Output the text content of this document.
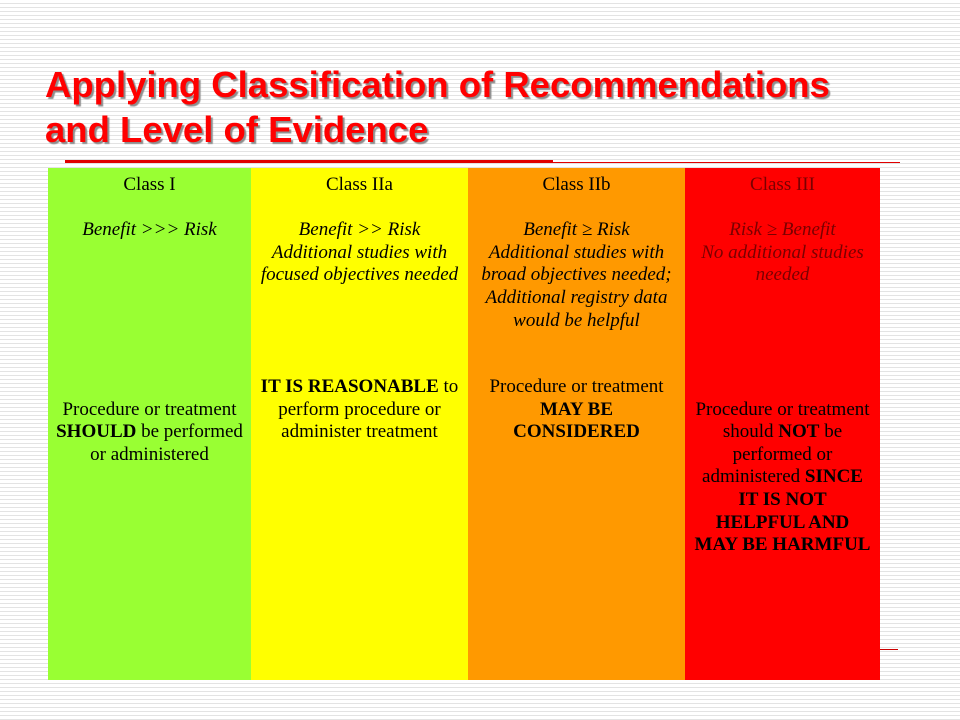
Applying Classification of Recommendations
and Level of Evidence
Class I
Benefit >>> Risk
Procedure or treatment
SHOULD be performed
or administered
Class IIa
Benefit >> Risk
Additional studies with
focused objectives needed
IT IS REASONABLE to
perform procedure or
administer treatment
Class IIb
Benefit ≥ Risk
Additional studies with
broad objectives needed;
Additional registry data
would be helpful
Procedure or treatment
MAY BE
CONSIDERED
Class III
Risk ≥ Benefit
No additional studies
needed
Procedure or treatment
should NOT be
performed or
administered SINCE
IT IS NOT
HELPFUL AND
MAY BE HARMFUL
